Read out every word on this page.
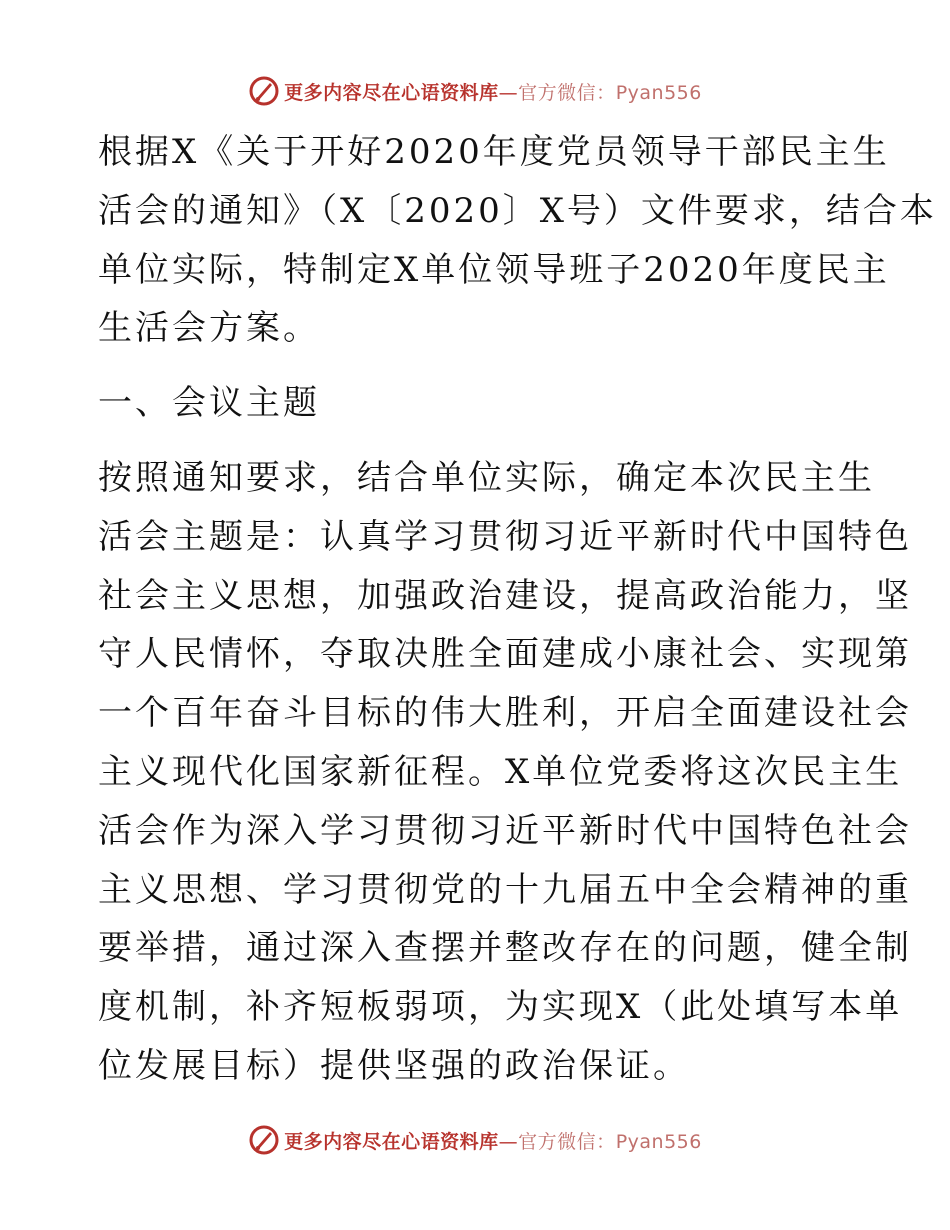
更多内容尽在心语资料库—官方微信：Pyan556
根据X《关于开好2020年度党员领导干部民主生
活会的通知》（X〔2020〕X号）文件要求，结合本
单位实际，特制定X单位领导班子2020年度民主
生活会方案。
一、会议主题
按照通知要求，结合单位实际，确定本次民主生
活会主题是：认真学习贯彻习近平新时代中国特色
社会主义思想，加强政治建设，提高政治能力，坚
守人民情怀，夺取决胜全面建成小康社会、实现第
一个百年奋斗目标的伟大胜利，开启全面建设社会
主义现代化国家新征程。X单位党委将这次民主生
活会作为深入学习贯彻习近平新时代中国特色社会
主义思想、学习贯彻党的十九届五中全会精神的重
要举措，通过深入查摆并整改存在的问题，健全制
度机制，补齐短板弱项，为实现X（此处填写本单
位发展目标）提供坚强的政治保证。
更多内容尽在心语资料库—官方微信：Pyan556
